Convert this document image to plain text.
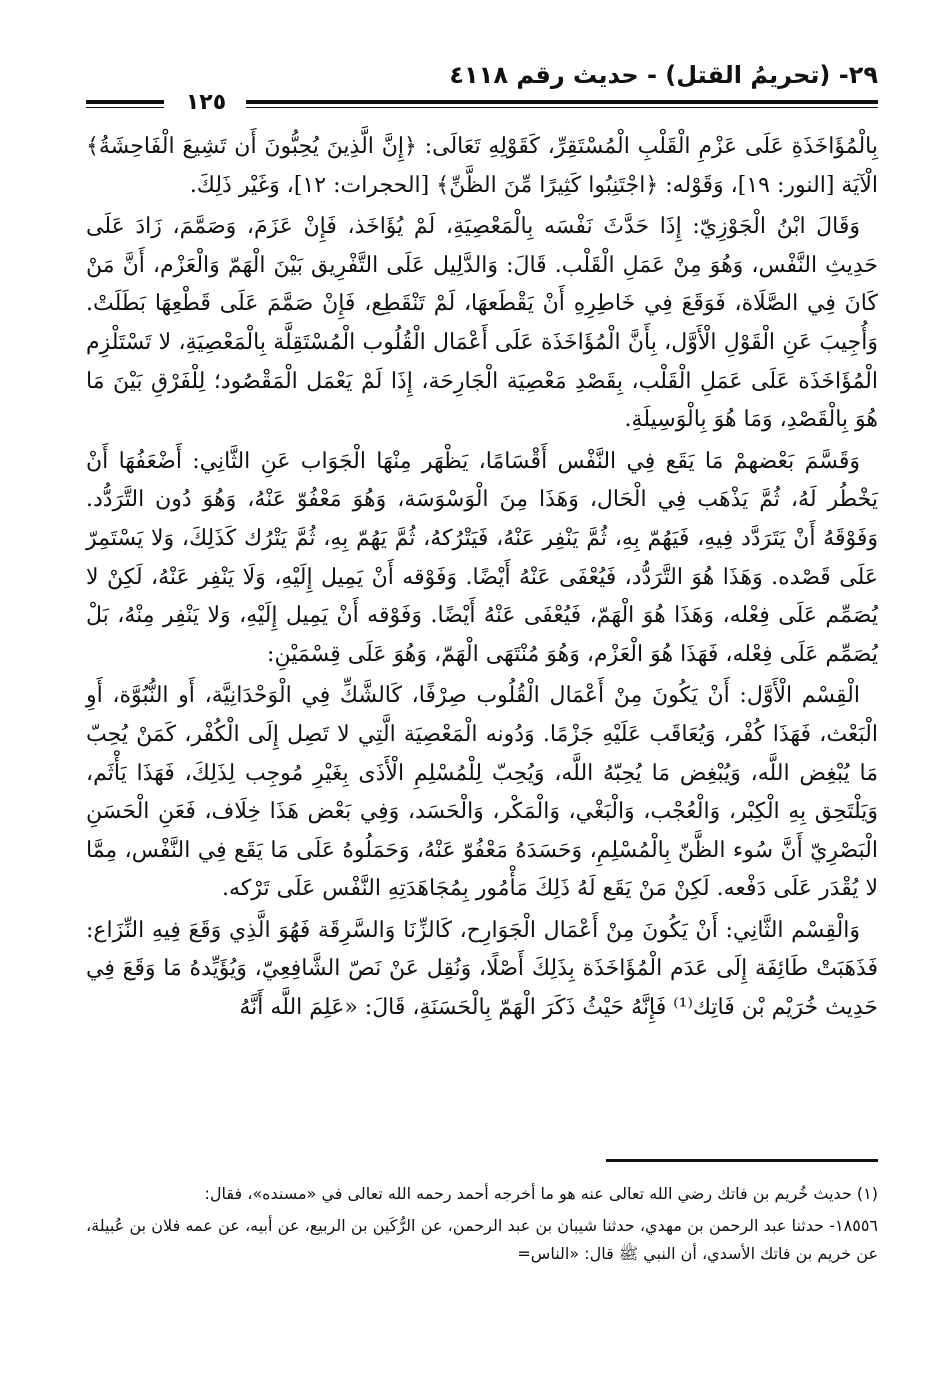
٢٩- (تحريمُ القتل) - حديث رقم ٤١١٨
١٢٥

بِالْمُؤَاخَذَةِ عَلَى عَزْمِ الْقَلْبِ الْمُسْتَقِرِّ، كَقَوْلِهِ تَعَالَى: ﴿إِنَّ الَّذِينَ يُحِبُّونَ أَن تَشِيعَ الْفَاحِشَةُ﴾ الْآيَة [النور: ١٩]، وَقَوْله: ﴿اجْتَنِبُوا كَثِيرًا مِّنَ الظَّنِّ﴾ [الحجرات: ١٢]، وَغَيْر ذَلِكَ.

وَقَالَ ابْنُ الْجَوْزِيّ: إِذَا حَدَّثَ نَفْسَه بِالْمَعْصِيَةِ، لَمْ يُؤَاخَذ، فَإِنْ عَزَمَ، وَصَمَّمَ، زَادَ عَلَى حَدِيثِ النَّفْس، وَهُوَ مِنْ عَمَلِ الْقَلْب. قَالَ: وَالدَّلِيل عَلَى التَّفْرِيق بَيْنَ الْهَمّ وَالْعَزْم، أَنَّ مَنْ كَانَ فِي الصَّلَاة، فَوَقَعَ فِي خَاطِرِهِ أَنْ يَقْطَعهَا، لَمْ تَنْقَطِع، فَإِنْ صَمَّمَ عَلَى قَطْعِهَا بَطَلَتْ. وَأُجِيبَ عَنِ الْقَوْلِ الْأَوَّل، بِأَنَّ الْمُؤَاخَذَة عَلَى أَعْمَال الْقُلُوب الْمُسْتَقِلَّة بِالْمَعْصِيَةِ، لا تَسْتَلْزِم الْمُؤَاخَذَة عَلَى عَمَلِ الْقَلْب، بِقَصْدِ مَعْصِيَة الْجَارِحَة، إِذَا لَمْ يَعْمَل الْمَقْصُود؛ لِلْفَرْقِ بَيْنَ مَا هُوَ بِالْقَصْدِ، وَمَا هُوَ بِالْوَسِيلَةِ.

وَقَسَّمَ بَعْضهمْ مَا يَقَع فِي النَّفْس أَقْسَامًا، يَظْهَر مِنْهَا الْجَوَاب عَنِ الثَّانِي: أَضْعَفُهَا أَنْ يَخْطُر لَهُ، ثُمَّ يَذْهَب فِي الْحَال، وَهَذَا مِنَ الْوَسْوَسَة، وَهُوَ مَعْفُوّ عَنْهُ، وَهُوَ دُون التَّرَدُّد. وَفَوْقَهُ أَنْ يَتَرَدَّد فِيهِ، فَيَهُمّ بِهِ، ثُمَّ يَنْفِر عَنْهُ، فَيَتْرُكهُ، ثُمَّ يَهُمّ بِهِ، ثُمَّ يَتْرُك كَذَلِكَ، وَلا يَسْتَمِرّ عَلَى قَصْده. وَهَذَا هُوَ التَّرَدُّد، فَيُعْفَى عَنْهُ أَيْضًا. وَفَوْقه أَنْ يَمِيل إِلَيْهِ، وَلَا يَنْفِر عَنْهُ، لَكِنْ لا يُصَمِّم عَلَى فِعْله، وَهَذَا هُوَ الْهَمّ، فَيُعْفَى عَنْهُ أَيْضًا. وَفَوْقه أَنْ يَمِيل إِلَيْهِ، وَلا يَنْفِر مِنْهُ، بَلْ يُصَمِّم عَلَى فِعْله، فَهَذَا هُوَ الْعَزْم، وَهُوَ مُنْتَهَى الْهَمّ، وَهُوَ عَلَى قِسْمَيْنِ:

الْقِسْم الْأَوَّل: أَنْ يَكُونَ مِنْ أَعْمَال الْقُلُوب صِرْفًا، كَالشَّكِّ فِي الْوَحْدَانِيَّة، أَو النُّبُوَّة، أَوِ الْبَعْث، فَهَذَا كُفْر، وَيُعَاقَب عَلَيْهِ جَزْمًا. وَدُونه الْمَعْصِيَة الَّتِي لا تَصِل إِلَى الْكُفْر، كَمَنْ يُحِبّ مَا يُبْغِض اللَّه، وَيُبْغِض مَا يُحِبّهُ اللَّه، وَيُحِبّ لِلْمُسْلِمِ الْأَذَى بِغَيْرِ مُوجِب لِذَلِكَ، فَهَذَا يَأْثَم، وَيَلْتَحِق بِهِ الْكِبْر، وَالْعُجْب، وَالْبَغْي، وَالْمَكْر، وَالْحَسَد، وَفِي بَعْض هَذَا خِلَاف، فَعَنِ الْحَسَنِ الْبَصْرِيّ أَنَّ سُوء الظَّنّ بِالْمُسْلِمِ، وَحَسَدَهُ مَعْفُوّ عَنْهُ، وَحَمَلُوهُ عَلَى مَا يَقَع فِي النَّفْس، مِمَّا لا يُقْدَر عَلَى دَفْعه. لَكِنْ مَنْ يَقَع لَهُ ذَلِكَ مَأْمُور بِمُجَاهَدَتِهِ النَّفْس عَلَى تَرْكه.

وَالْقِسْم الثَّانِي: أَنْ يَكُونَ مِنْ أَعْمَال الْجَوَارِح، كَالزِّنَا وَالسَّرِقَة فَهُوَ الَّذِي وَقَعَ فِيهِ النِّزَاع: فَذَهَبَتْ طَائِفَة إِلَى عَدَم الْمُؤَاخَذَة بِذَلِكَ أَصْلًا، وَنُقِل عَنْ نَصّ الشَّافِعِيّ، وَيُؤَيِّدهُ مَا وَقَعَ فِي حَدِيث خُرَيْم بْن فَاتِك⁽¹⁾ فَإِنَّهُ حَيْثُ ذَكَرَ الْهَمّ بِالْحَسَنَةِ، قَالَ: «عَلِمَ اللَّه أَنَّهُ

(١) حديث خُريم بن فاتك رضي الله تعالى عنه هو ما أخرجه أحمد رحمه الله تعالى في «مسنده»، فقال:

١٨٥٥٦- حدثنا عبد الرحمن بن مهدي، حدثنا شيبان بن عبد الرحمن، عن الرُّكَين بن الربيع، عن أبيه، عن عمه فلان بن عُبيلة، عن خريم بن فاتك الأسدي، أن النبي ﷺ قال: «الناس=
